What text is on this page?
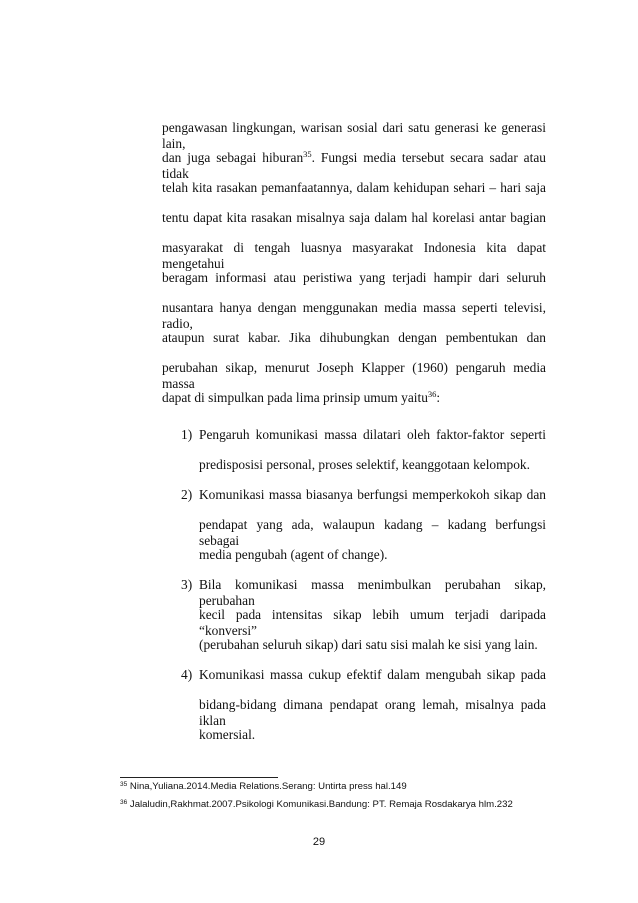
pengawasan lingkungan, warisan sosial dari satu generasi ke generasi lain,
dan juga sebagai hiburan$^{35}$. Fungsi media tersebut secara sadar atau tidak
telah kita rasakan pemanfaatannya, dalam kehidupan sehari – hari saja
tentu dapat kita rasakan misalnya saja dalam hal korelasi antar bagian
masyarakat di tengah luasnya masyarakat Indonesia kita dapat mengetahui
beragam informasi atau peristiwa yang terjadi hampir dari seluruh
nusantara hanya dengan menggunakan media massa seperti televisi, radio,
ataupun surat kabar. Jika dihubungkan dengan pembentukan dan
perubahan sikap, menurut Joseph Klapper (1960) pengaruh media massa
dapat di simpulkan pada lima prinsip umum yaitu$^{36}$:
1) Pengaruh komunikasi massa dilatari oleh faktor-faktor seperti
predisposisi personal, proses selektif, keanggotaan kelompok.
2) Komunikasi massa biasanya berfungsi memperkokoh sikap dan
pendapat yang ada, walaupun kadang – kadang berfungsi sebagai
media pengubah (agent of change).
3) Bila komunikasi massa menimbulkan perubahan sikap, perubahan
kecil pada intensitas sikap lebih umum terjadi daripada “konversi”
(perubahan seluruh sikap) dari satu sisi malah ke sisi yang lain.
4) Komunikasi massa cukup efektif dalam mengubah sikap pada
bidang-bidang dimana pendapat orang lemah, misalnya pada iklan
komersial.
$^{35}$ Nina,Yuliana.2014.Media Relations.Serang: Untirta press hal.149
$^{36}$ Jalaludin,Rakhmat.2007.Psikologi Komunikasi.Bandung: PT. Remaja Rosdakarya hlm.232
29
